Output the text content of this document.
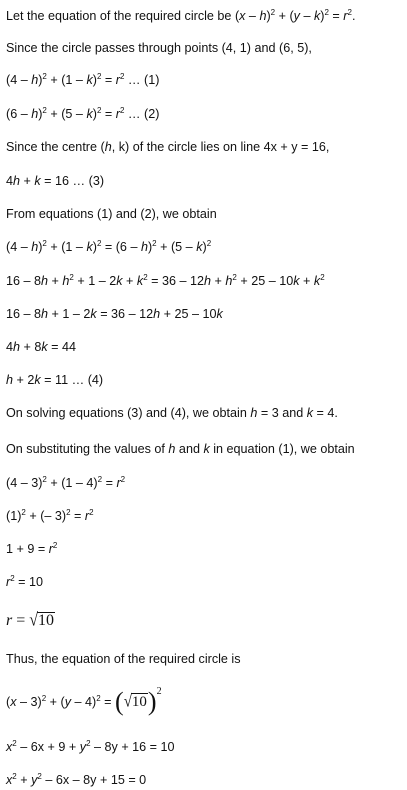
Let the equation of the required circle be $(x - h)^2 + (y - k)^2 = r^2$.
Since the circle passes through points (4, 1) and (6, 5),
$(4 - h)^2 + (1 - k)^2 = r^2$ … (1)
$(6 - h)^2 + (5 - k)^2 = r^2$ … (2)
Since the centre (h, k) of the circle lies on line 4x + y = 16,
4h + k = 16 … (3)
From equations (1) and (2), we obtain
(4 – h)$^2$ + (1 – k)$^2$ = (6 – h)$^2$ + (5 – k)$^2$
$16 - 8h + h^2 + 1 - 2k + k^2 = 36 - 12h + h^2 + 25 - 10k + k^2$
16 – 8h + 1 – 2k = 36 – 12h + 25 – 10k
4h + 8k = 44
h + 2k = 11 … (4)
On solving equations (3) and (4), we obtain h = 3 and k = 4.
On substituting the values of h and k in equation (1), we obtain
$(4 - 3)^2 + (1 - 4)^2 = r^2$
$(1)^2$ + (– $3)^2 = r^2$
$1 + 9 = r^2$
$r^2 = 10$
r = √10
Thus, the equation of the required circle is
$(x - 3)^2 + (y - 4)^2 = (√10)^2$
$x^2 - 6x + 9 + y^2 - 8y + 16 = 10$
$x^2 + y^2 - 6x - 8y + 15 = 0$
